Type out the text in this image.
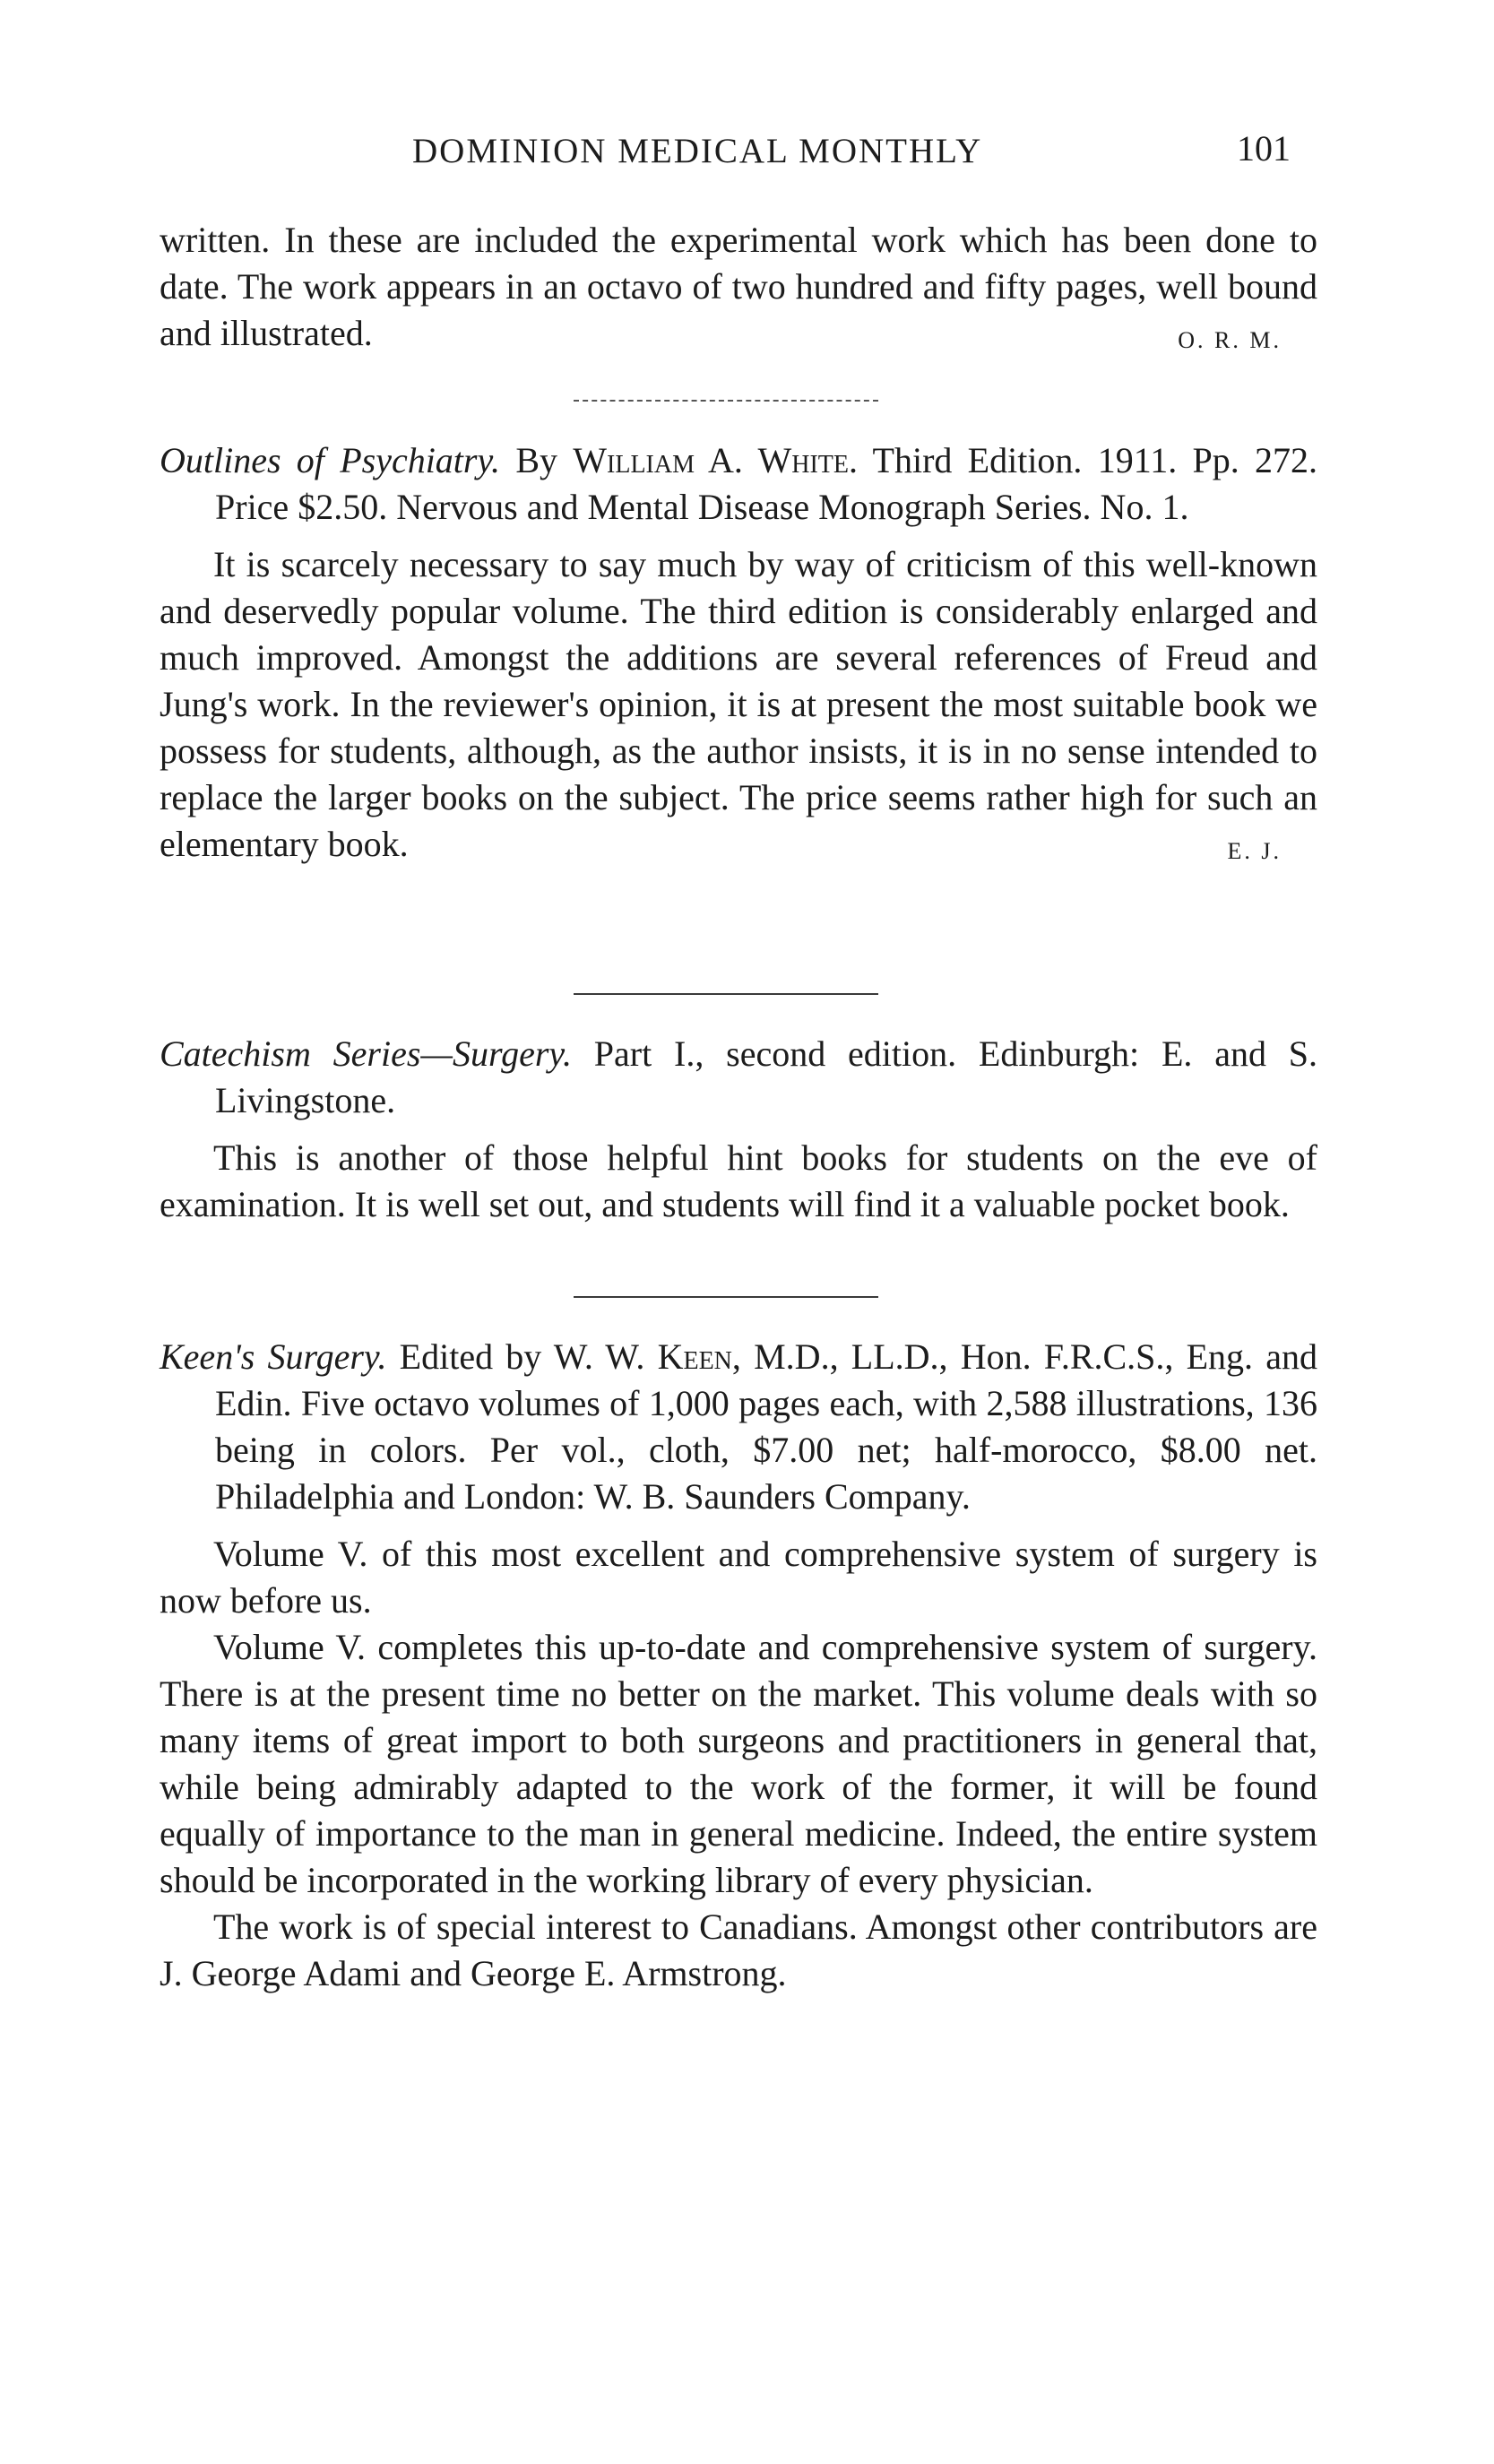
DOMINION MEDICAL MONTHLY	101

written. In these are included the experimental work which has been done to date. The work appears in an octavo of two hundred and fifty pages, well bound and illustrated.	O. R. M.

Outlines of Psychiatry. By William A. White. Third Edition. 1911. Pp. 272. Price $2.50. Nervous and Mental Disease Monograph Series. No. 1.

It is scarcely necessary to say much by way of criticism of this well-known and deservedly popular volume. The third edition is considerably enlarged and much improved. Amongst the additions are several references of Freud and Jung's work. In the reviewer's opinion, it is at present the most suitable book we possess for students, although, as the author insists, it is in no sense intended to replace the larger books on the subject. The price seems rather high for such an elementary book.	E. J.

Catechism Series—Surgery. Part I., second edition. Edinburgh: E. and S. Livingstone.

This is another of those helpful hint books for students on the eve of examination. It is well set out, and students will find it a valuable pocket book.

Keen's Surgery. Edited by W. W. Keen, M.D., LL.D., Hon. F.R.C.S., Eng. and Edin. Five octavo volumes of 1,000 pages each, with 2,588 illustrations, 136 being in colors. Per vol., cloth, $7.00 net; half-morocco, $8.00 net. Philadelphia and London: W. B. Saunders Company.

Volume V. of this most excellent and comprehensive system of surgery is now before us.

Volume V. completes this up-to-date and comprehensive system of surgery. There is at the present time no better on the market. This volume deals with so many items of great import to both surgeons and practitioners in general that, while being admirably adapted to the work of the former, it will be found equally of importance to the man in general medicine. Indeed, the entire system should be incorporated in the working library of every physician.

The work is of special interest to Canadians. Amongst other contributors are J. George Adami and George E. Armstrong.
